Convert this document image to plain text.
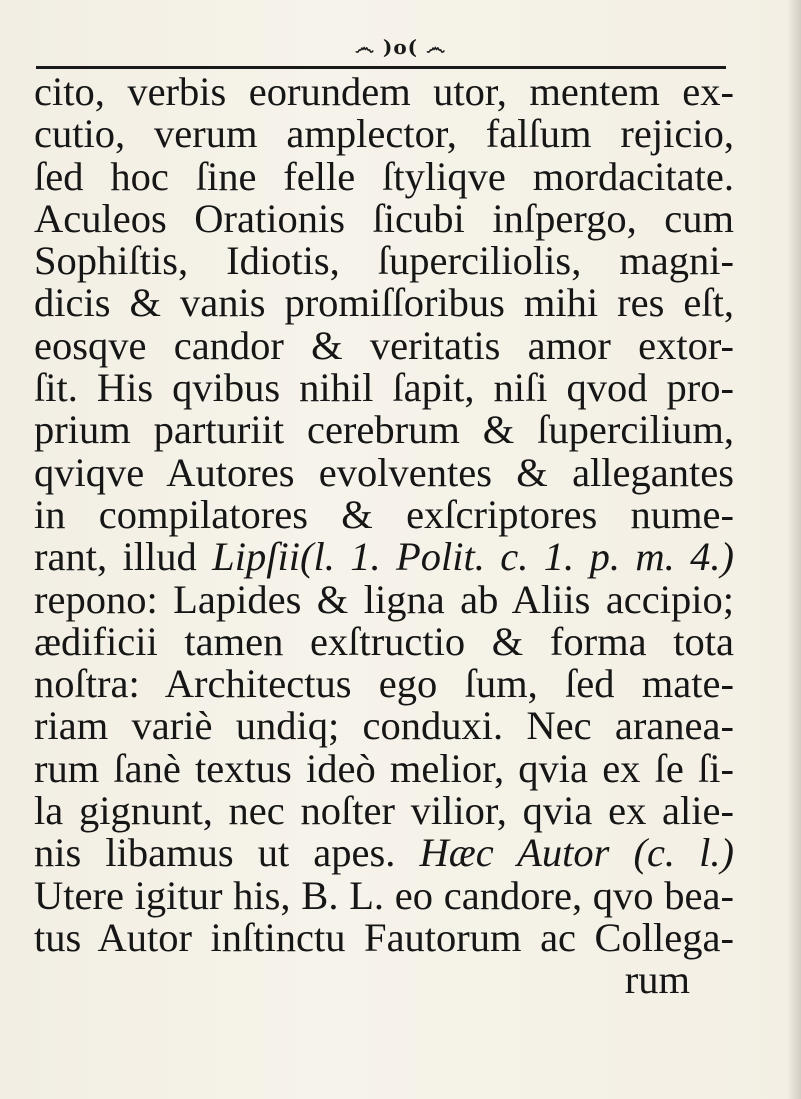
෴ )o( ෴
cito, verbis eorundem utor, mentem ex-
cutio, verum amplector, falſum rejicio,
ſed hoc ſine felle ſtyliqve mordacitate.
Aculeos Orationis ſicubi inſpergo, cum
Sophiſtis, Idiotis, ſuperciliolis, magni-
dicis & vanis promiſſoribus mihi res eſt,
eosqve candor & veritatis amor extor-
ſit. His qvibus nihil ſapit, niſi qvod pro-
prium parturiit cerebrum & ſupercilium,
qviqve Autores evolventes & allegantes
in compilatores & exſcriptores nume-
rant, illud Lipſii(l. 1. Polit. c. 1. p. m. 4.)
repono: Lapides & ligna ab Aliis accipio;
ædificii tamen exſtructio & forma tota
noſtra: Architectus ego ſum, ſed mate-
riam variè undiq; conduxi. Nec aranea-
rum ſanè textus ideò melior, qvia ex ſe ſi-
la gignunt, nec noſter vilior, qvia ex alie-
nis libamus ut apes. Hæc Autor (c. l.)
Utere igitur his, B. L. eo candore, qvo bea-
tus Autor inſtinctu Fautorum ac Collega-
rum
